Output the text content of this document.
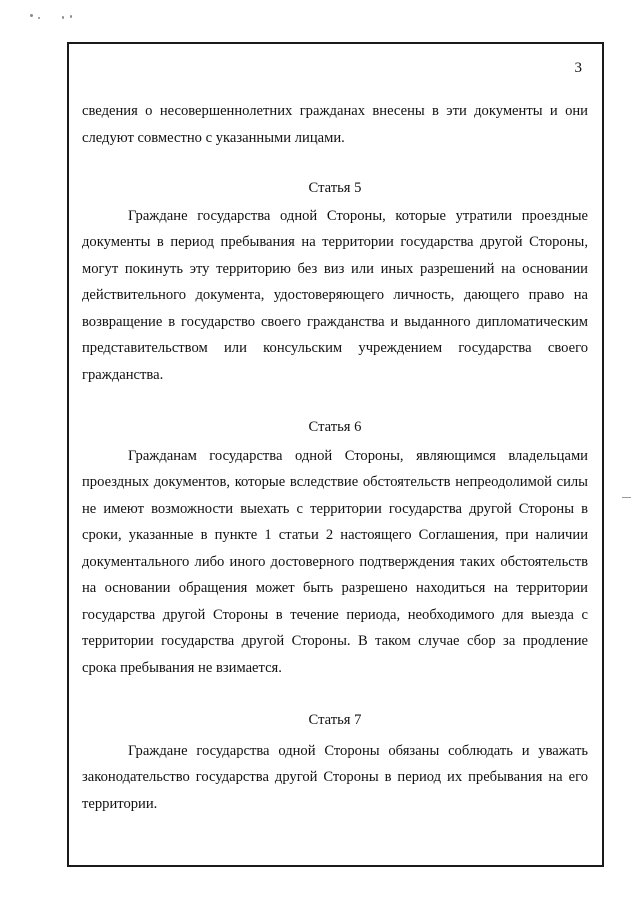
3

сведения о несовершеннолетних гражданах внесены в эти документы и они следуют совместно с указанными лицами.

Статья 5

Граждане государства одной Стороны, которые утратили проездные документы в период пребывания на территории государства другой Стороны, могут покинуть эту территорию без виз или иных разрешений на основании действительного документа, удостоверяющего личность, дающего право на возвращение в государство своего гражданства и выданного дипломатическим представительством или консульским учреждением государства своего гражданства.

Статья 6

Гражданам государства одной Стороны, являющимся владельцами проездных документов, которые вследствие обстоятельств непреодолимой силы не имеют возможности выехать с территории государства другой Стороны в сроки, указанные в пункте 1 статьи 2 настоящего Соглашения, при наличии документального либо иного достоверного подтверждения таких обстоятельств на основании обращения может быть разрешено находиться на территории государства другой Стороны в течение периода, необходимого для выезда с территории государства другой Стороны. В таком случае сбор за продление срока пребывания не взимается.

Статья 7

Граждане государства одной Стороны обязаны соблюдать и уважать законодательство государства другой Стороны в период их пребывания на его территории.
